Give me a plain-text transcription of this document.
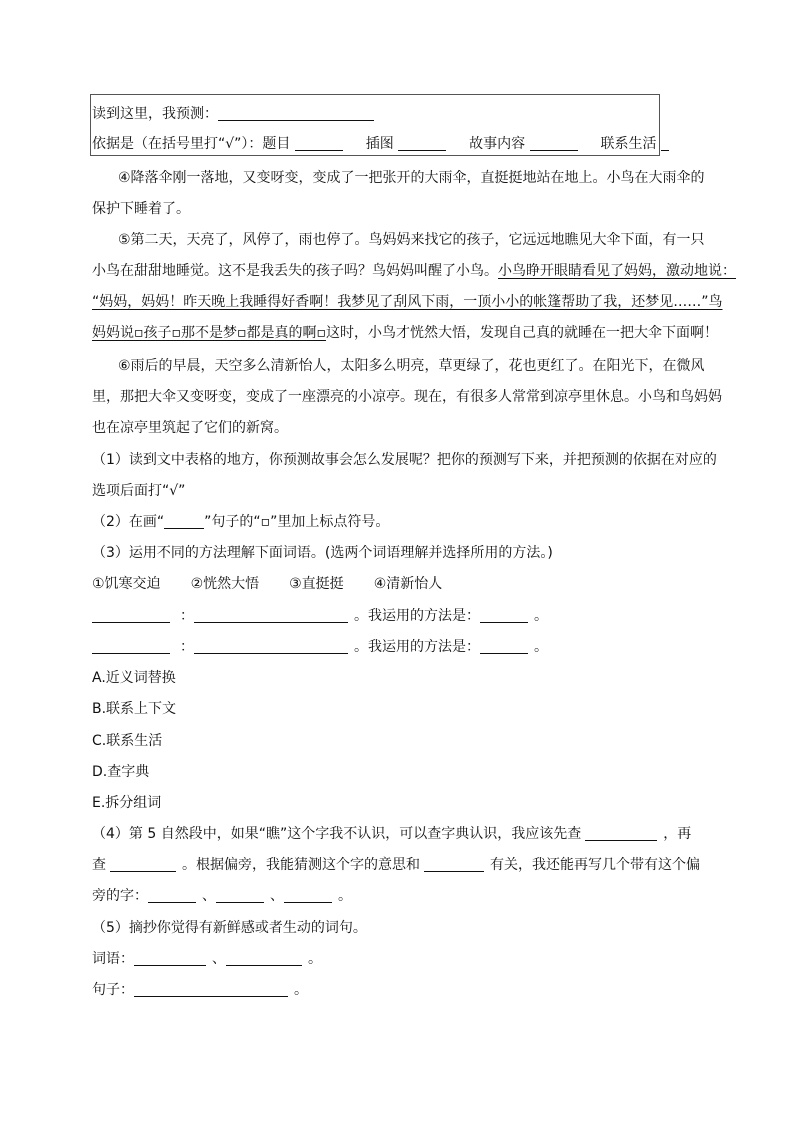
读到这里，我预测：
依据是（在括号里打“√”）：题目	插图	故事内容	联系生活
④降落伞刚一落地，又变呀变，变成了一把张开的大雨伞，直挺挺地站在地上。小鸟在大雨伞的
保护下睡着了。
⑤第二天，天亮了，风停了，雨也停了。鸟妈妈来找它的孩子，它远远地瞧见大伞下面，有一只
小鸟在甜甜地睡觉。这不是我丢失的孩子吗？鸟妈妈叫醒了小鸟。小鸟睁开眼睛看见了妈妈，激动地说：
“妈妈，妈妈！昨天晚上我睡得好香啊！我梦见了刮风下雨，一顶小小的帐篷帮助了我，还梦见……”鸟
妈妈说▫孩子▫那不是梦▫都是真的啊▫这时，小鸟才恍然大悟，发现自己真的就睡在一把大伞下面啊！
⑥雨后的早晨，天空多么清新怡人，太阳多么明亮，草更绿了，花也更红了。在阳光下，在微风
里，那把大伞又变呀变，变成了一座漂亮的小凉亭。现在，有很多人常常到凉亭里休息。小鸟和鸟妈妈
也在凉亭里筑起了它们的新窝。
（1）读到文中表格的地方，你预测故事会怎么发展呢？把你的预测写下来，并把预测的依据在对应的
选项后面打“√”
（2）在画“	”句子的“▫”里加上标点符号。
（3）运用不同的方法理解下面词语。(选两个词语理解并选择所用的方法。)
①饥寒交迫 ②恍然大悟 ③直挺挺 ④清新怡人
：	。我运用的方法是：	。
：	。我运用的方法是：	。
A.近义词替换
B.联系上下文
C.联系生活
D.查字典
E.拆分组词
（4）第 5 自然段中，如果“瞧”这个字我不认识，可以查字典认识，我应该先查	，再
查	。根据偏旁，我能猜测这个字的意思和	有关，我还能再写几个带有这个偏
旁的字：	、	、	。
（5）摘抄你觉得有新鲜感或者生动的词句。
词语：	、	。
句子：	。
